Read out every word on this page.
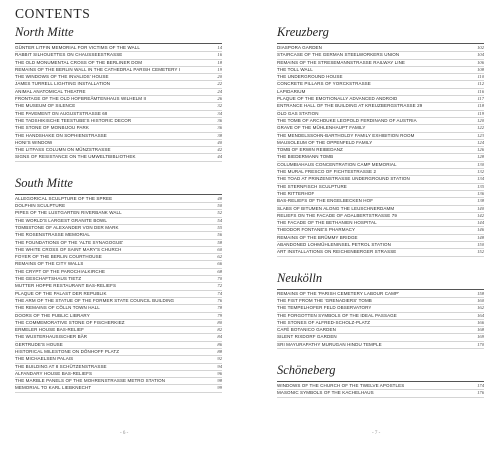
CONTENTS
North Mitte
GÜNTER LITFIN MEMORIAL FOR VICTIMS OF THE WALL	14
RABBIT SILHOUETTES ON CHAUSSEESTRASSE	16
THE OLD MONUMENTAL CROSS OF THE BERLINER DOM	18
REMAINS OF THE BERLIN WALL IN THE CATHEDRAL PARISH CEMETERY I	19
THE WINDOWS OF THE INVALIDS' HOUSE	20
JAMES TURRELL LIGHTING INSTALLATION	22
ANIMAL ANATOMICAL THEATRE	24
FRONTAGE OF THE OLD HOFBREÄMTENHAUS WILHELM II	26
THE MUSEUM OF SILENCE	32
THE PAVEMENT ON AUGUSTSTRASSE 69	34
THE TADSHIKISCHE TEESTUBE'S HISTORIC DECOR	36
THE STONE OF MONBIJOU PARK	36
THE HANDSHAKE ON SOPHIENSTRASSE	38
HONI'S WINDOW	40
THE LITFASS COLUMN ON MÜNZSTRASSE	42
SIGNS OF RESISTANCE ON THE UMWELTBIBLIOTHEK	44
South Mitte
ALLEGORICAL SCULPTURE OF THE SPREE	48
DOLPHIN SCULPTURE	50
PIPES OF THE LUSTGARTEN RIVERBANK WALL	52
THE WORLD'S LARGEST GRANITE BOWL	54
TOMBSTONE OF ALEXANDER VON DER MARK	55
THE ROSENSTRASSE MEMORIAL	56
THE FOUNDATIONS OF THE 'ALTE SYNAGOGUE'	58
THE WHITE CROSS OF SAINT MARY'S CHURCH	60
FOYER OF THE BERLIN COURTHOUSE	62
REMAINS OF THE CITY WALLS	66
THE CRYPT OF THE PAROCHIALKIRCHE	68
THE GESCHAFTSHAUS TIETZ	70
MUTTER HOPPE RESTAURANT BAS-RELIEFS	72
PLAQUE OF THE PALAST DER REPUBLIK	74
THE ARM OF THE STATUE OF THE FORMER STATE COUNCIL BUILDING	76
THE REMAINS OF CÖLLN TOWN HALL	78
DOORS OF THE PUBLIC LIBRARY	79
THE COMMEMORATIVE STONE OF FISCHERKIEZ	80
ERMELER HOUSE BAS-RELIEF	82
THE WUSTERHAUSISCHER BÄR	84
GERTRUDE'S HOUSE	86
HISTORICAL MILESTONE ON DÖNHOFF PLATZ	88
THE MICHAELSEN PALAIS	92
THE BUILDING AT 8 SCHÜTZENSTRASSE	94
ALFANDARY HOUSE BAS-RELIEFS	96
THE MARBLE PANELS OF THE MOHRENSTRASSE METRO STATION	98
MEMORIAL TO KARL LIEBKNECHT	99
Kreuzberg
DIASPORA GARDEN	102
STAIRCASE OF THE GERMAN STEELWORKERS UNION	104
REMAINS OF THE STRESEMANNSTRASSE RAILWAY LINE	106
THE TOLL WALL	108
THE UNDERGROUND HOUSE	110
CONCRETE PILLARS OF YORCKSTRASSE	112
LAPIDARIUM	116
PLAQUE OF THE EMOTIONALLY ADVANCED ANDROID	117
ENTRANCE HALL OF THE BUILDING AT KREUZBERGSTRASSE 29	118
OLD GAS STATION	119
THE TOMB OF ARCHDUKE LEOPOLD FERDINAND OF AUSTRIA	120
GRAVE OF THE MÜHLENHAUPT FAMILY	122
THE MENDELSSOHN-BARTHOLDY FAMILY EXHIBITION ROOM	123
MAUSOLEUM OF THE OPPENFELD FAMILY	124
TOMB OF ERWIN REIBEDANZ	126
THE BIEDERMANN TOMB	128
COLUMBIAHAUS CONCENTRATION CAMP MEMORIAL	130
THE MURAL FRESCO OF FICHTESTRASSE 2	132
THE TOAD AT PRINZENSTRASSE UNDERGROUND STATION	134
THE STERNFISCH SCULPTURE	135
THE RITTERHOF	136
BAS-RELIEFS OF THE ENGELBECKEN HOF	138
SLABS OF BITUMEN ALONG THE LEUSCHNERDAMM	140
RELIEFS ON THE FACADE OF ADALBERTSTRASSE 79	142
THE FACADE OF THE BETHANIEN HOSPITAL	144
THEODOR FONTANE'S PHARMACY	146
REMAINS OF THE BRÜMMY BRIDGE	148
ABANDONED LOHMÜHLENINSEL PETROL STATION	150
ART INSTALLATIONS ON REICHENBERGER STRASSE	152
Neukölln
REMAINS OF THE 'PARISH CEMETERY LABOUR CAMP'	158
THE FIST FROM THE 'GRENADIERS' TOMB	160
THE TEMPELHOFER FELD OBSERVATORY	162
THE FORGOTTEN SYMBOLS OF THE IDEAL PASSAGE	164
THE STONES OF ALFRED-SCHOLZ-PLATZ	166
CAFÉ BOTANICO GARDEN	168
SILENT RIXDORF GARDEN	169
SRI MAYURAPATHY MURUGAN HINDU TEMPLE	170
Schöneberg
WINDOWS OF THE CHURCH OF THE TWELVE APOSTLES	174
MASONIC SYMBOLS OF THE KACHELHAUS	176
- 6 -	- 7 -
